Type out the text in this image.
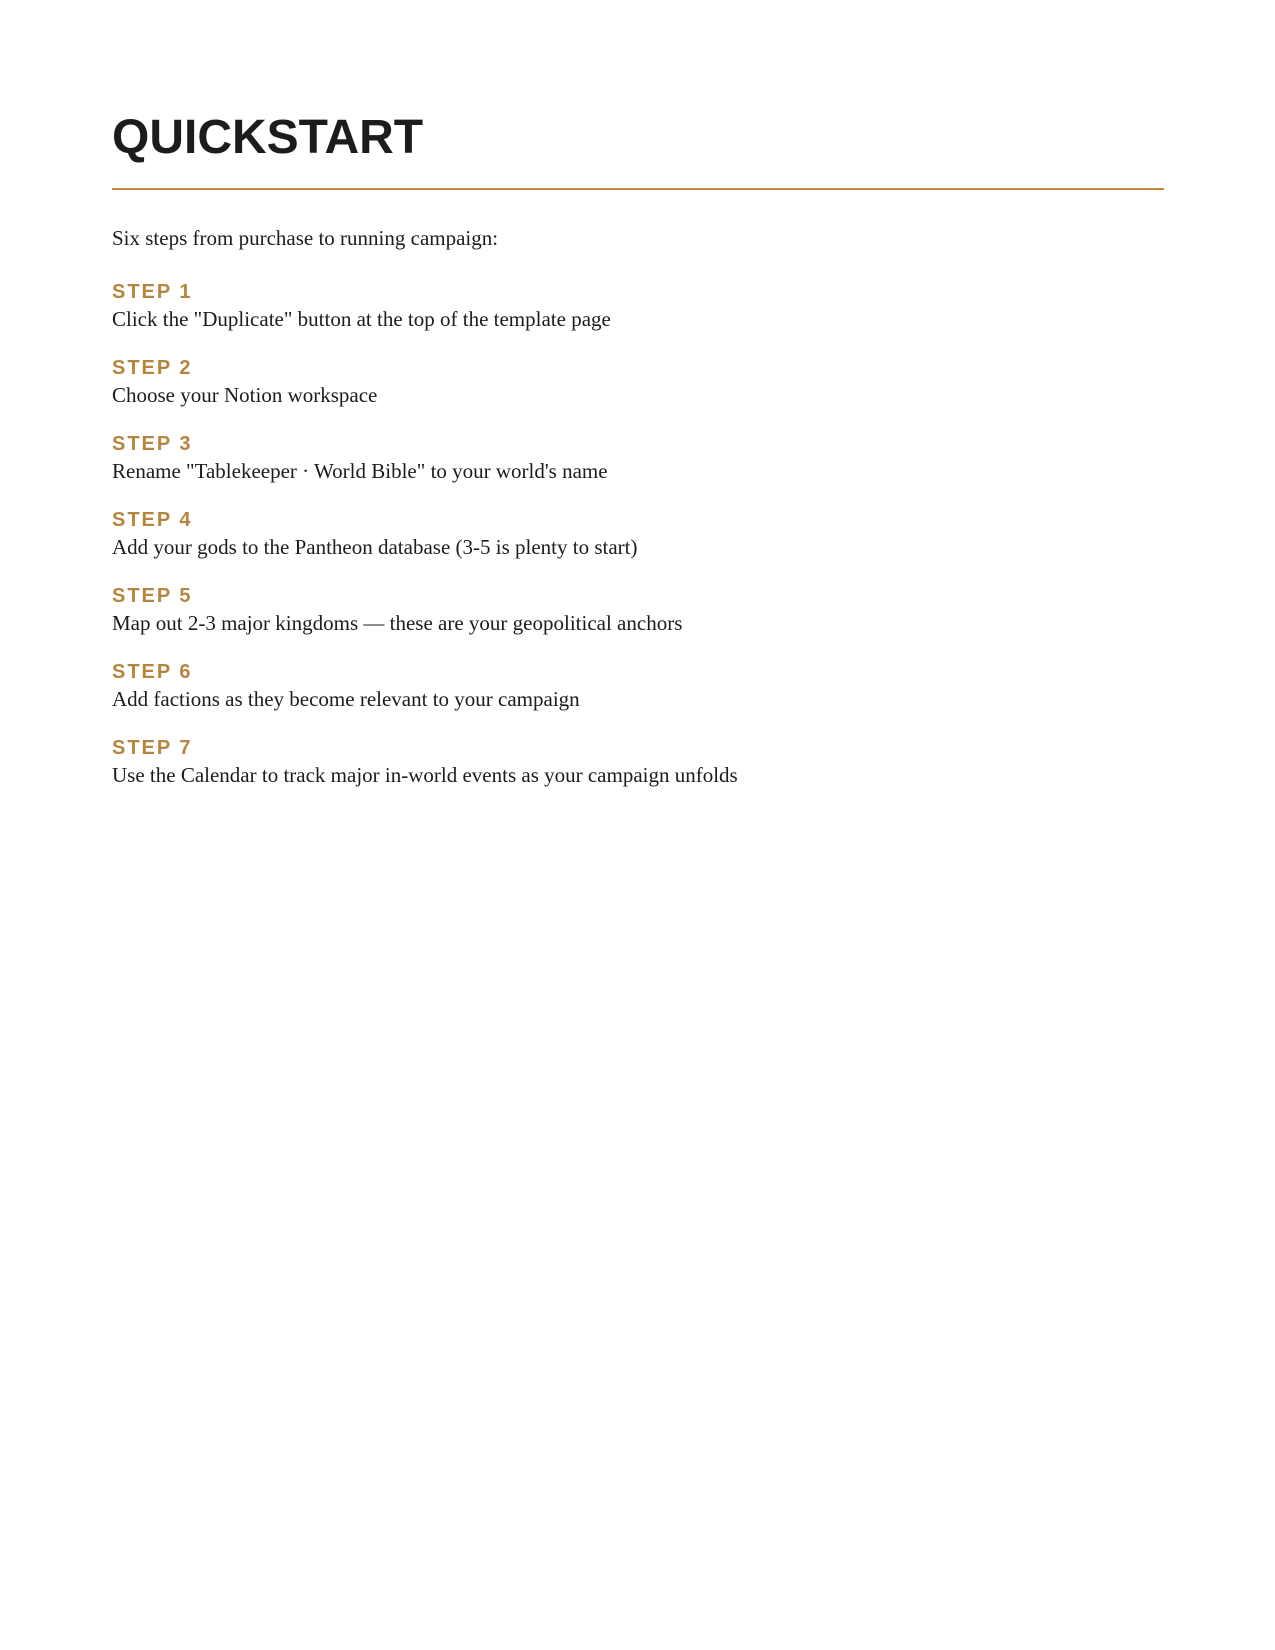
QUICKSTART
Six steps from purchase to running campaign:
STEP 1
Click the "Duplicate" button at the top of the template page
STEP 2
Choose your Notion workspace
STEP 3
Rename "Tablekeeper · World Bible" to your world's name
STEP 4
Add your gods to the Pantheon database (3-5 is plenty to start)
STEP 5
Map out 2-3 major kingdoms — these are your geopolitical anchors
STEP 6
Add factions as they become relevant to your campaign
STEP 7
Use the Calendar to track major in-world events as your campaign unfolds
